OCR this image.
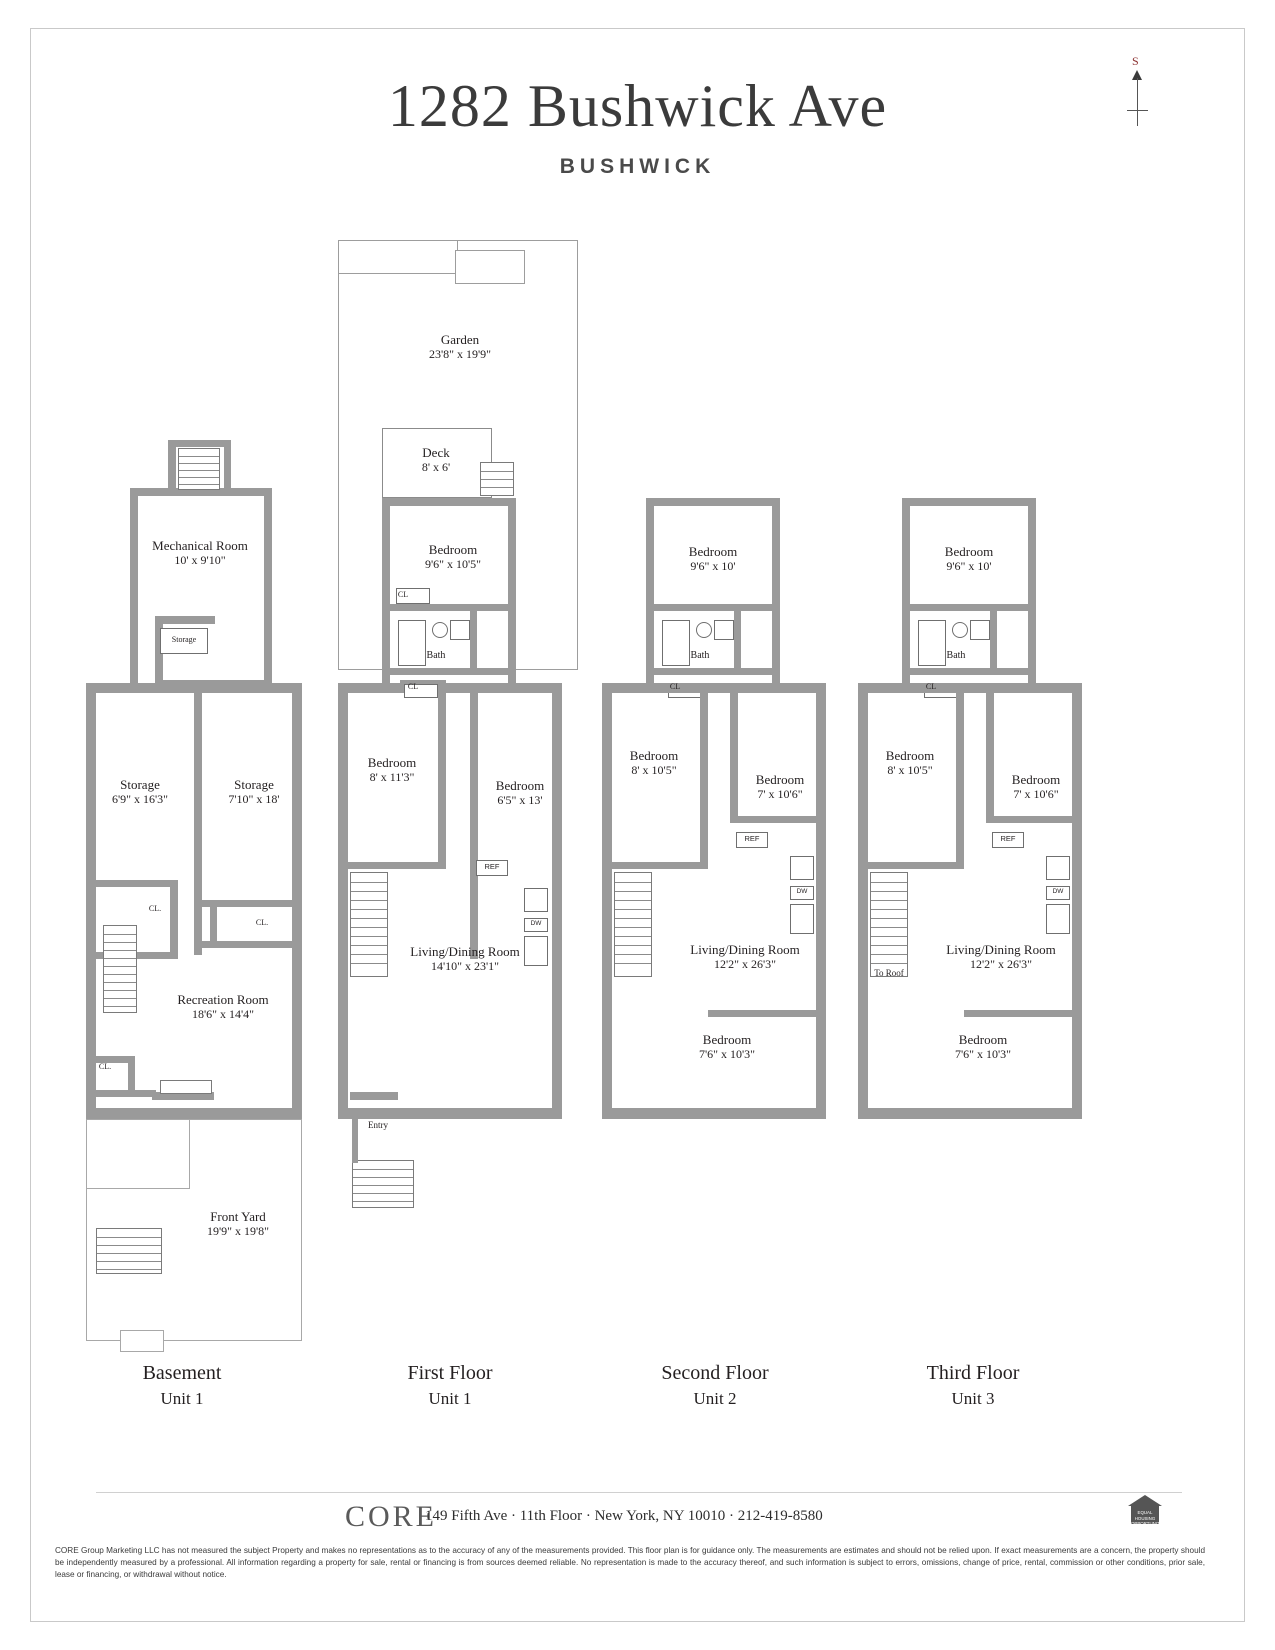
1282 Bushwick Ave
BUSHWICK
S
Mechanical Room
10' x 9'10"
Storage
Storage
6'9" x 16'3"
Storage
7'10" x 18'
Recreation Room
18'6" x 14'4"
Front Yard
19'9" x 19'8"
CL.
CL.
CL.
REF
DW
Garden
23'8" x 19'9"
Deck
8' x 6'
Bedroom
9'6" x 10'5"
Bath
Bedroom
8' x 11'3"
Bedroom
6'5" x 13'
Living/Dining Room
14'10" x 23'1"
CL
CL
Entry
REF
DW
Bedroom
9'6" x 10'
Bath
Bedroom
8' x 10'5"
Bedroom
7' x 10'6"
Living/Dining Room
12'2" x 26'3"
Bedroom
7'6" x 10'3"
CL
To Roof
REF
DW
Bedroom
9'6" x 10'
Bath
Bedroom
8' x 10'5"
Bedroom
7' x 10'6"
Living/Dining Room
12'2" x 26'3"
Bedroom
7'6" x 10'3"
CL
Basement
Unit 1
First Floor
Unit 1
Second Floor
Unit 2
Third Floor
Unit 3
CORE
149 Fifth Ave · 11th Floor · New York, NY 10010 · 212-419-8580	EQUAL HOUSING OPPORTUNITY
CORE Group Marketing LLC has not measured the subject Property and makes no representations as to the accuracy of any of the measurements provided. This floor plan is for guidance only. The measurements are estimates and should not be relied upon. If exact measurements are a concern, the property should be independently measured by a professional. All information regarding a property for sale, rental or financing is from sources deemed reliable. No representation is made to the accuracy thereof, and such information is subject to errors, omissions, change of price, rental, commission or other conditions, prior sale, lease or financing, or withdrawal without notice.
